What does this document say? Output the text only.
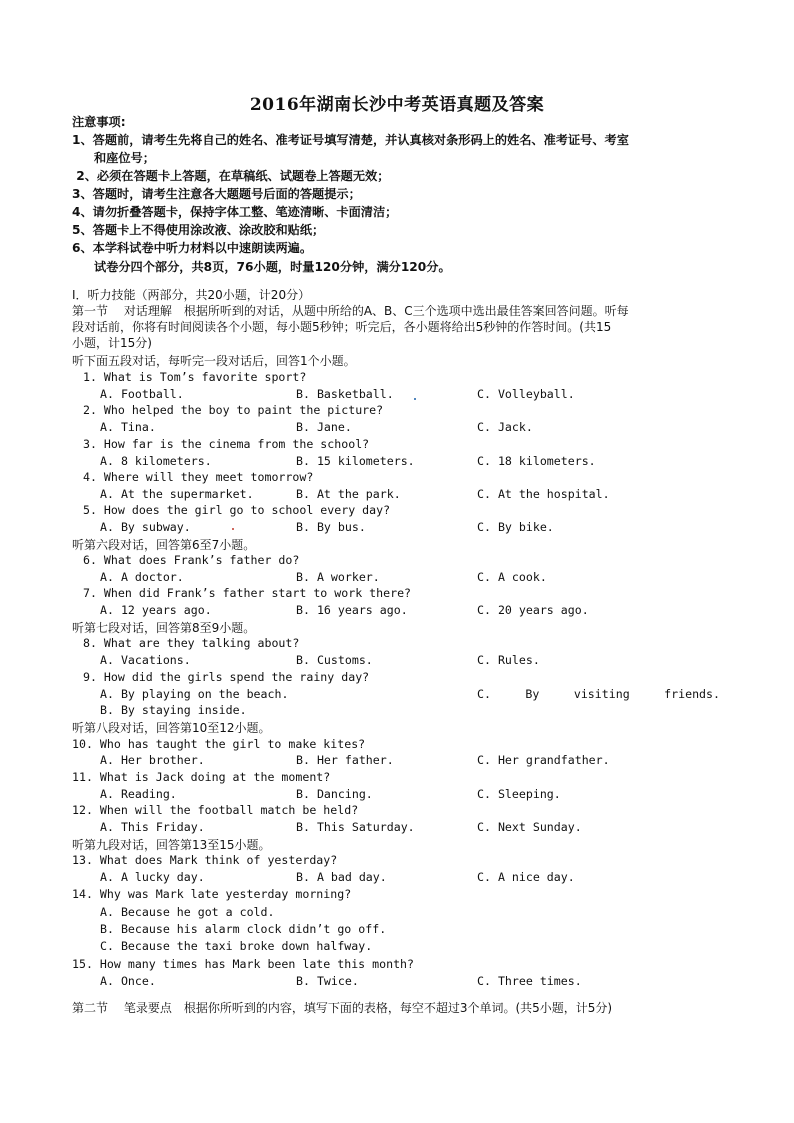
2016年湖南长沙中考英语真题及答案
注意事项:
1、答题前，请考生先将自己的姓名、准考证号填写清楚，并认真核对条形码上的姓名、准考证号、考室
和座位号；
2、必须在答题卡上答题，在草稿纸、试题卷上答题无效；
3、答题时，请考生注意各大题题号后面的答题提示；
4、请勿折叠答题卡，保持字体工整、笔迹清晰、卡面清洁；
5、答题卡上不得使用涂改液、涂改胶和贴纸；
6、本学科试卷中听力材料以中速朗读两遍。
试卷分四个部分，共8页，76小题，时量120分钟，满分120分。
I．听力技能（两部分，共20小题，计20分）
第一节　 对话理解　根据所听到的对话，从题中所给的A、B、C三个选项中选出最佳答案回答问题。听每
段对话前，你将有时间阅读各个小题，每小题5秒钟；听完后，各小题将给出5秒钟的作答时间。(共15
小题，计15分)
听下面五段对话，每听完一段对话后，回答1个小题。
1. What is Tom’s favorite sport?
A. Football.	B. Basketball.	C. Volleyball.
2. Who helped the boy to paint the picture?
A. Tina.	B. Jane.	C. Jack.
3. How far is the cinema from the school?
A. 8 kilometers.	B. 15 kilometers.	C. 18 kilometers.
4. Where will they meet tomorrow?
A. At the supermarket.	B. At the park.	C. At the hospital.
5. How does the girl go to school every day?
A. By subway.	B. By bus.	C. By bike.
听第六段对话，回答第6至7小题。
6. What does Frank’s father do?
A. A doctor.	B. A worker.	C. A cook.
7. When did Frank’s father start to work there?
A. 12 years ago.	B. 16 years ago.	C. 20 years ago.
听第七段对话，回答第8至9小题。
8. What are they talking about?
A. Vacations.	B. Customs.	C. Rules.
9. How did the girls spend the rainy day?
A. By playing on the beach.	C. By visiting friends.
B. By staying inside.
听第八段对话，回答第10至12小题。
10. Who has taught the girl to make kites?
A. Her brother.	B. Her father.	C. Her grandfather.
11. What is Jack doing at the moment?
A. Reading.	B. Dancing.	C. Sleeping.
12. When will the football match be held?
A. This Friday.	B. This Saturday.	C. Next Sunday.
听第九段对话，回答第13至15小题。
13. What does Mark think of yesterday?
A. A lucky day.	B. A bad day.	C. A nice day.
14. Why was Mark late yesterday morning?
A. Because he got a cold.
B. Because his alarm clock didn’t go off.
C. Because the taxi broke down halfway.
15. How many times has Mark been late this month?
A. Once.	B. Twice.	C. Three times.
第二节　 笔录要点　根据你所听到的内容，填写下面的表格，每空不超过3个单词。(共5小题，计5分)
